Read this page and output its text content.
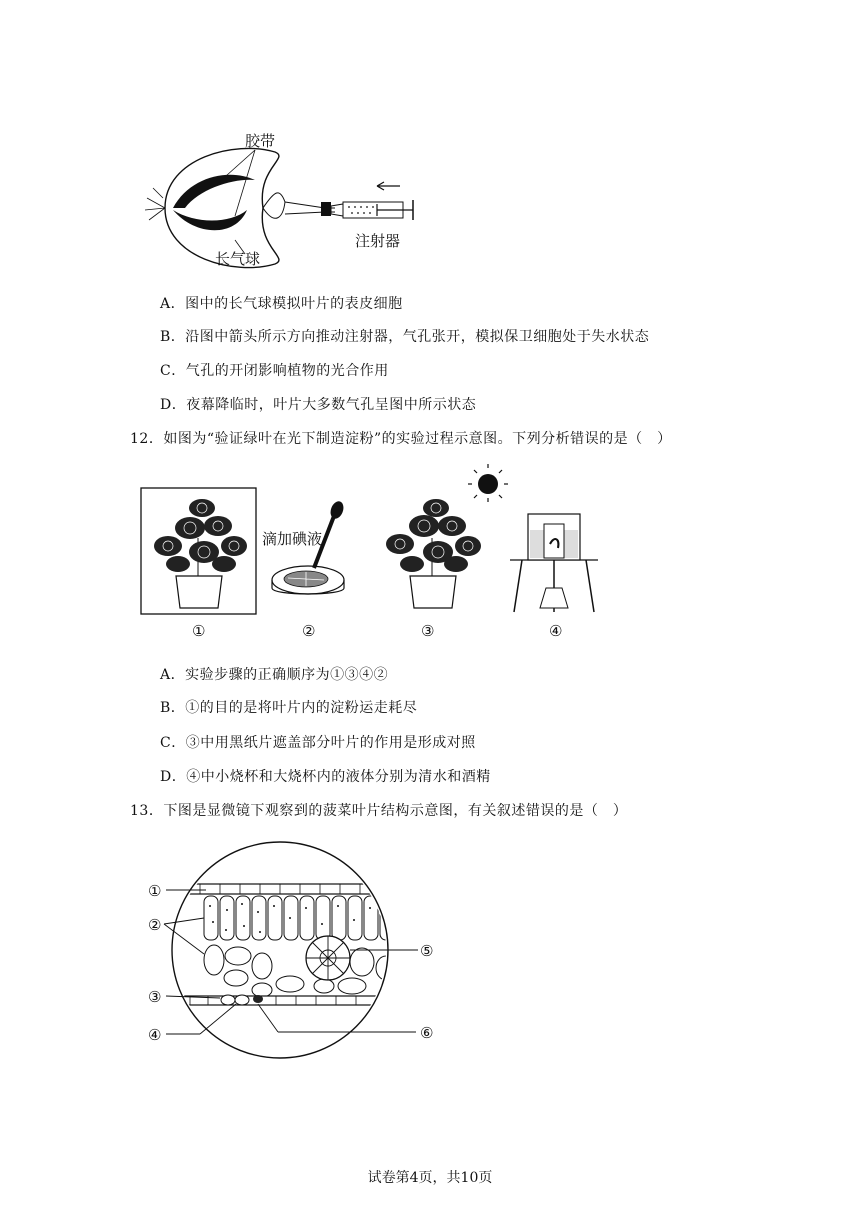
胶带
长气球
注射器
A．图中的长气球模拟叶片的表皮细胞
B．沿图中箭头所示方向推动注射器，气孔张开，模拟保卫细胞处于失水状态
C．气孔的开闭影响植物的光合作用
D．夜幕降临时，叶片大多数气孔呈图中所示状态
12．如图为“验证绿叶在光下制造淀粉”的实验过程示意图。下列分析错误的是（　）
滴加碘液
①	②	③	④
A．实验步骤的正确顺序为①③④②
B．①的目的是将叶片内的淀粉运走耗尽
C．③中用黑纸片遮盖部分叶片的作用是形成对照
D．④中小烧杯和大烧杯内的液体分别为清水和酒精
13．下图是显微镜下观察到的菠菜叶片结构示意图，有关叙述错误的是（　）
①
②
③
④
⑤
⑥
试卷第4页，共10页
